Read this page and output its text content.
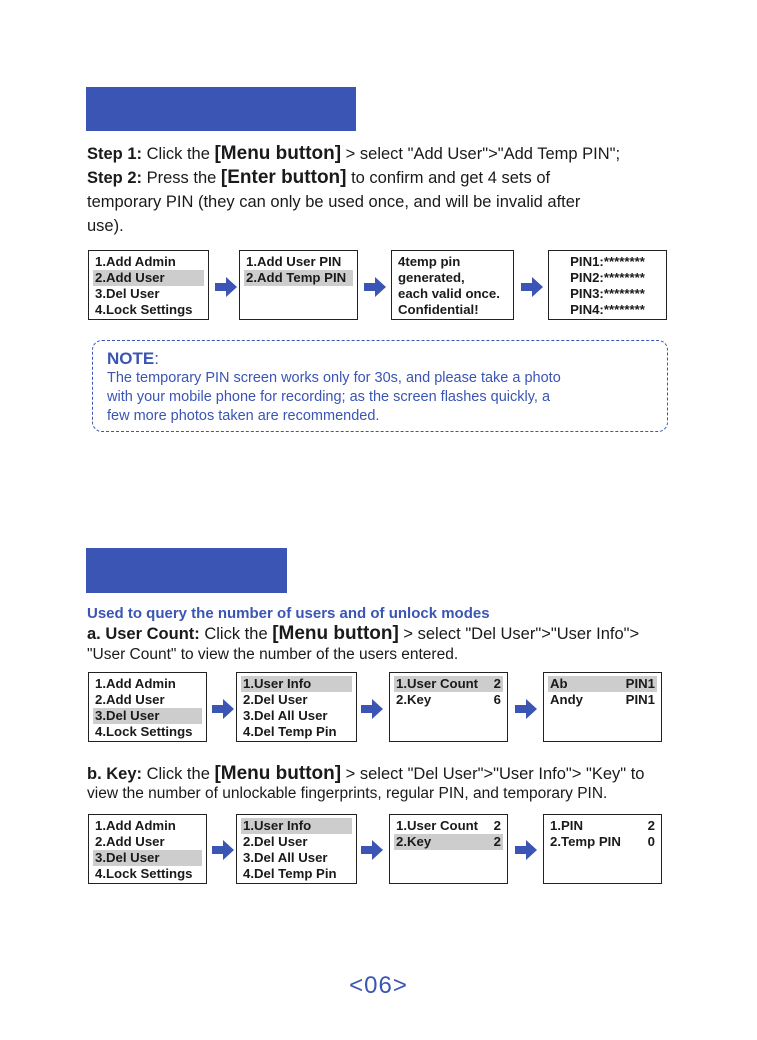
Step 1: Click the [Menu button] > select "Add User">"Add Temp PIN";
Step 2: Press the [Enter button] to confirm and get 4 sets of
temporary PIN (they can only be used once, and will be invalid after
use).
1.Add Admin
2.Add User
3.Del User
4.Lock Settings
1.Add User PIN
2.Add Temp PIN
4temp pin
generated,
each valid once.
Confidential!
PIN1:********
PIN2:********
PIN3:********
PIN4:********
NOTE:
The temporary PIN screen works only for 30s, and please take a photo
with your mobile phone for recording; as the screen flashes quickly, a
few more photos taken are recommended.
Used to query the number of users and of unlock modes
a. User Count: Click the [Menu button] > select "Del User">"User Info">
"User Count" to view the number of the users entered.
1.Add Admin
2.Add User
3.Del User
4.Lock Settings
1.User Info
2.Del User
3.Del All User
4.Del Temp Pin
1.User Count 2
2.Key	6
Ab	PIN1
Andy	PIN1
b. Key: Click the [Menu button] > select "Del User">"User Info"> "Key" to
view the number of unlockable fingerprints, regular PIN, and temporary PIN.
1.Add Admin
2.Add User
3.Del User
4.Lock Settings
1.User Info
2.Del User
3.Del All User
4.Del Temp Pin
1.User Count 2
2.Key	2
1.PIN	2
2.Temp PIN 0
<06>
